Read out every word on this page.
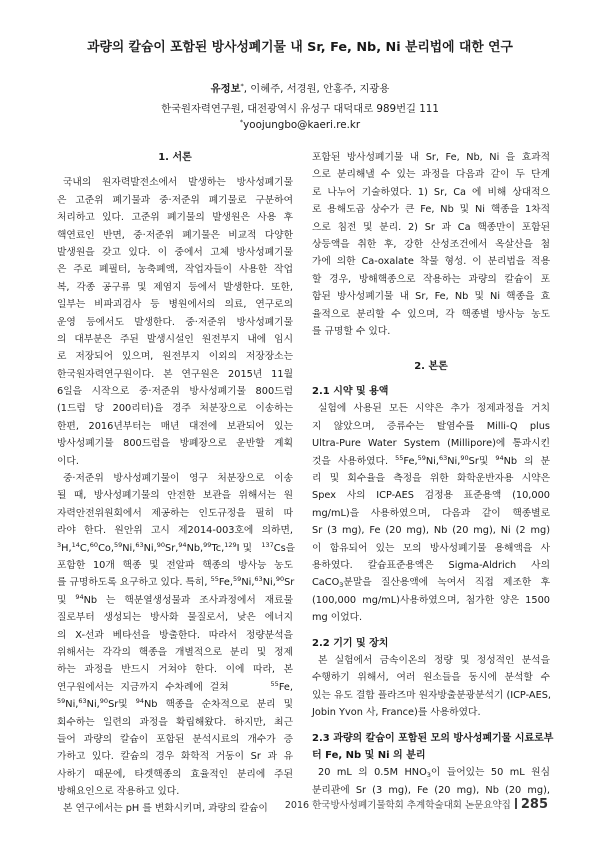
과량의 칼슘이 포함된 방사성폐기물 내 Sr, Fe, Nb, Ni 분리법에 대한 연구
유정보*, 이혜주, 서경원, 안홍주, 지광용
한국원자력연구원, 대전광역시 유성구 대덕대로 989번길 111
*yoojungbo@kaeri.re.kr
1. 서론
국내의 원자력발전소에서 발생하는 방사성폐기물
은 고준위 폐기물과 중·저준위 폐기물로 구분하여
처리하고 있다. 고준위 폐기물의 발생원은 사용 후
핵연료인 반면, 중·저준위 폐기물은 비교적 다양한
발생원을 갖고 있다. 이 중에서 고체 방사성폐기물
은 주로 폐필터, 농축폐액, 작업자들이 사용한 작업
복, 각종 공구류 및 제염지 등에서 발생한다. 또한,
일부는 비파괴검사 등 병원에서의 의료, 연구로의
운영 등에서도 발생한다. 중·저준위 방사성폐기물
의 대부분은 주된 발생시설인 원전부지 내에 임시
로 저장되어 있으며, 원전부지 이외의 저장장소는
한국원자력연구원이다. 본 연구원은 2015년 11월
6일을 시작으로 중·저준위 방사성폐기물 800드럼
(1드럼 당 200리터)을 경주 처분장으로 이송하는
한편, 2016년부터는 매년 대전에 보관되어 있는
방사성폐기물 800드럼을 방폐장으로 운반할 계획
이다.
중·저준위 방사성폐기물이 영구 처분장으로 이송
될 때, 방사성폐기물의 안전한 보관을 위해서는 원
자력안전위원회에서 제공하는 인도규정을 필히 따
라야 한다. 원안위 고시 제2014-003호에 의하면,
$^3$H,$^{14}$C,$^{60}$Co,$^{59}$Ni,$^{63}$Ni,$^{90}$Sr,$^{94}$Nb,$^{99}$Tc,$^{129}$I 및 $^{137}$Cs을
포함한 10개 핵종 및 전알파 핵종의 방사능 농도
를 규명하도록 요구하고 있다. 특히, $^{55}$Fe,$^{59}$Ni,$^{63}$Ni,$^{90}$Sr
및 $^{94}$Nb 는 핵분열생성물과 조사과정에서 재료물
질로부터 생성되는 방사화 물질로서, 낮은 에너지
의 X-선과 베타선을 방출한다. 따라서 정량분석을
위해서는 각각의 핵종을 개별적으로 분리 및 정제
하는 과정을 반드시 거쳐야 한다. 이에 따라, 본
연구원에서는 지금까지 수차례에 걸쳐	$^{55}$Fe,
$^{59}$Ni,$^{63}$Ni,$^{90}$Sr및 $^{94}$Nb 핵종을 순차적으로 분리 및
회수하는 일련의 과정을 확립해왔다. 하지만, 최근
들어 과량의 칼슘이 포함된 분석시료의 개수가 증
가하고 있다. 칼슘의 경우 화학적 거동이 Sr 과 유
사하기 때문에, 타겟핵종의 효율적인 분리에 주된
방해요인으로 작용하고 있다.
본 연구에서는 pH 를 변화시키며, 과량의 칼슘이
포함된 방사성폐기물 내 Sr, Fe, Nb, Ni 을 효과적
으로 분리해낼 수 있는 과정을 다음과 같이 두 단계
로 나누어 기술하였다. 1) Sr, Ca 에 비해 상대적으
로 용해도곱 상수가 큰 Fe, Nb 및 Ni 핵종을 1차적
으로 침전 및 분리. 2) Sr 과 Ca 핵종만이 포함된
상등액을 취한 후, 강한 산성조건에서 옥살산을 첨
가에 의한 Ca-oxalate 착물 형성. 이 분리법을 적용
할 경우, 방해핵종으로 작용하는 과량의 칼슘이 포
함된 방사성폐기물 내 Sr, Fe, Nb 및 Ni 핵종을 효
율적으로 분리할 수 있으며, 각 핵종별 방사능 농도
를 규명할 수 있다.
2. 본론
2.1 시약 및 용액
실험에 사용된 모든 시약은 추가 정제과정을 거치
지 않았으며, 증류수는 탈염수를 Milli-Q plus
Ultra-Pure Water System (Millipore)에 통과시킨
것을 사용하였다. $^{55}$Fe,$^{59}$Ni,$^{63}$Ni,$^{90}$Sr및 $^{94}$Nb 의 분
리 및 회수율을 측정을 위한 화학운반자용 시약은
Spex 사의 ICP-AES 검정용 표준용액 (10,000
mg/mL)을 사용하였으며, 다음과 같이 핵종별로
Sr (3 mg), Fe (20 mg), Nb (20 mg), Ni (2 mg)
이 함유되어 있는 모의 방사성폐기물 용해액을 사
용하였다. 칼슘표준용액은 Sigma-Aldrich 사의
CaCO$_3$분말을 질산용액에 녹여서 직접 제조한 후
(100,000 mg/mL)사용하였으며, 첨가한 양은 1500
mg 이었다.
2.2 기기 및 장치
본 실험에서 금속이온의 정량 및 정성적인 분석을
수행하기 위해서, 여러 원소들을 동시에 분석할 수
있는 유도 결합 플라즈마 원자방출분광분석기 (ICP-AES,
Jobin Yvon 사, France)를 사용하였다.
2.3 과량의 칼슘이 포함된 모의 방사성폐기물 시료로부
터 Fe, Nb 및 Ni 의 분리
20 mL 의 0.5M $HNO_3$이 들어있는 50 mL 원심
분리관에 Sr (3 mg), Fe (20 mg), Nb (20 mg),
2016 한국방사성폐기물학회 추계학술대회 논문요약집 285
